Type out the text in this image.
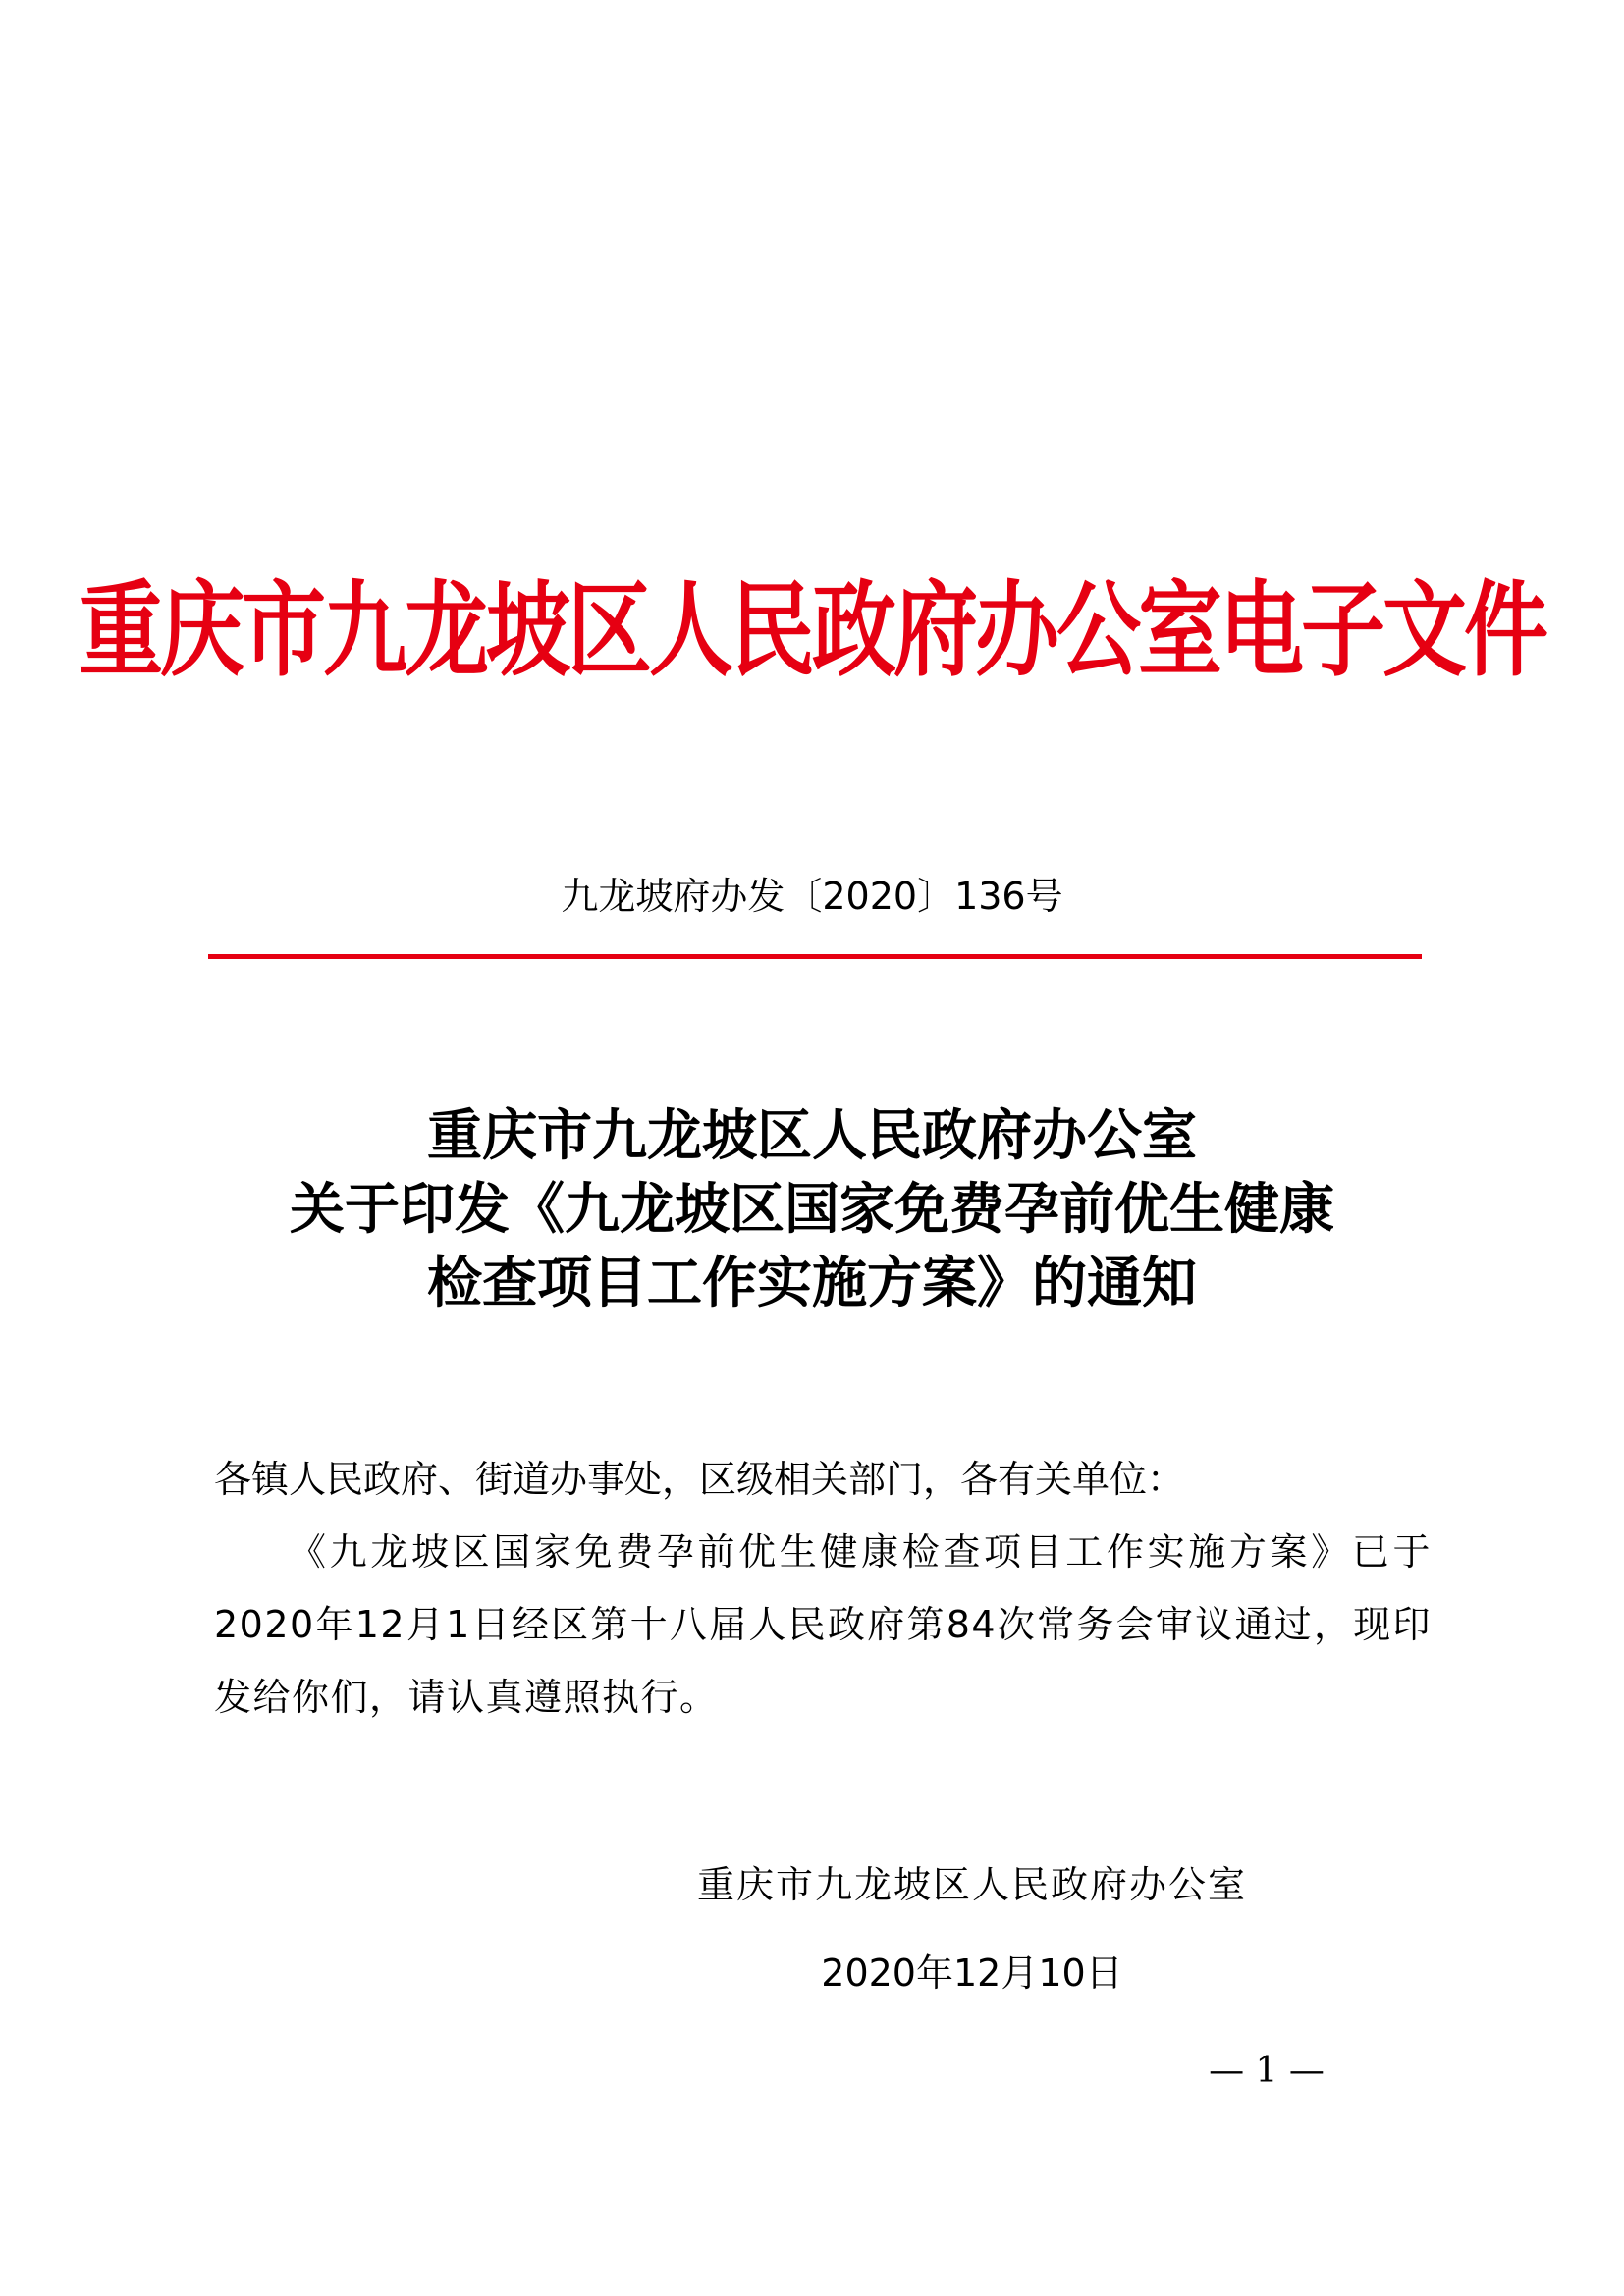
重庆市九龙坡区人民政府办公室电子文件
九龙坡府办发〔2020〕136号
重庆市九龙坡区人民政府办公室
关于印发《九龙坡区国家免费孕前优生健康
检查项目工作实施方案》的通知
各镇人民政府、街道办事处，区级相关部门，各有关单位：
《九龙坡区国家免费孕前优生健康检查项目工作实施方案》已于2020年12月1日经区第十八届人民政府第84次常务会审议通过，现印发给你们，请认真遵照执行。
重庆市九龙坡区人民政府办公室
2020年12月10日
— 1 —
